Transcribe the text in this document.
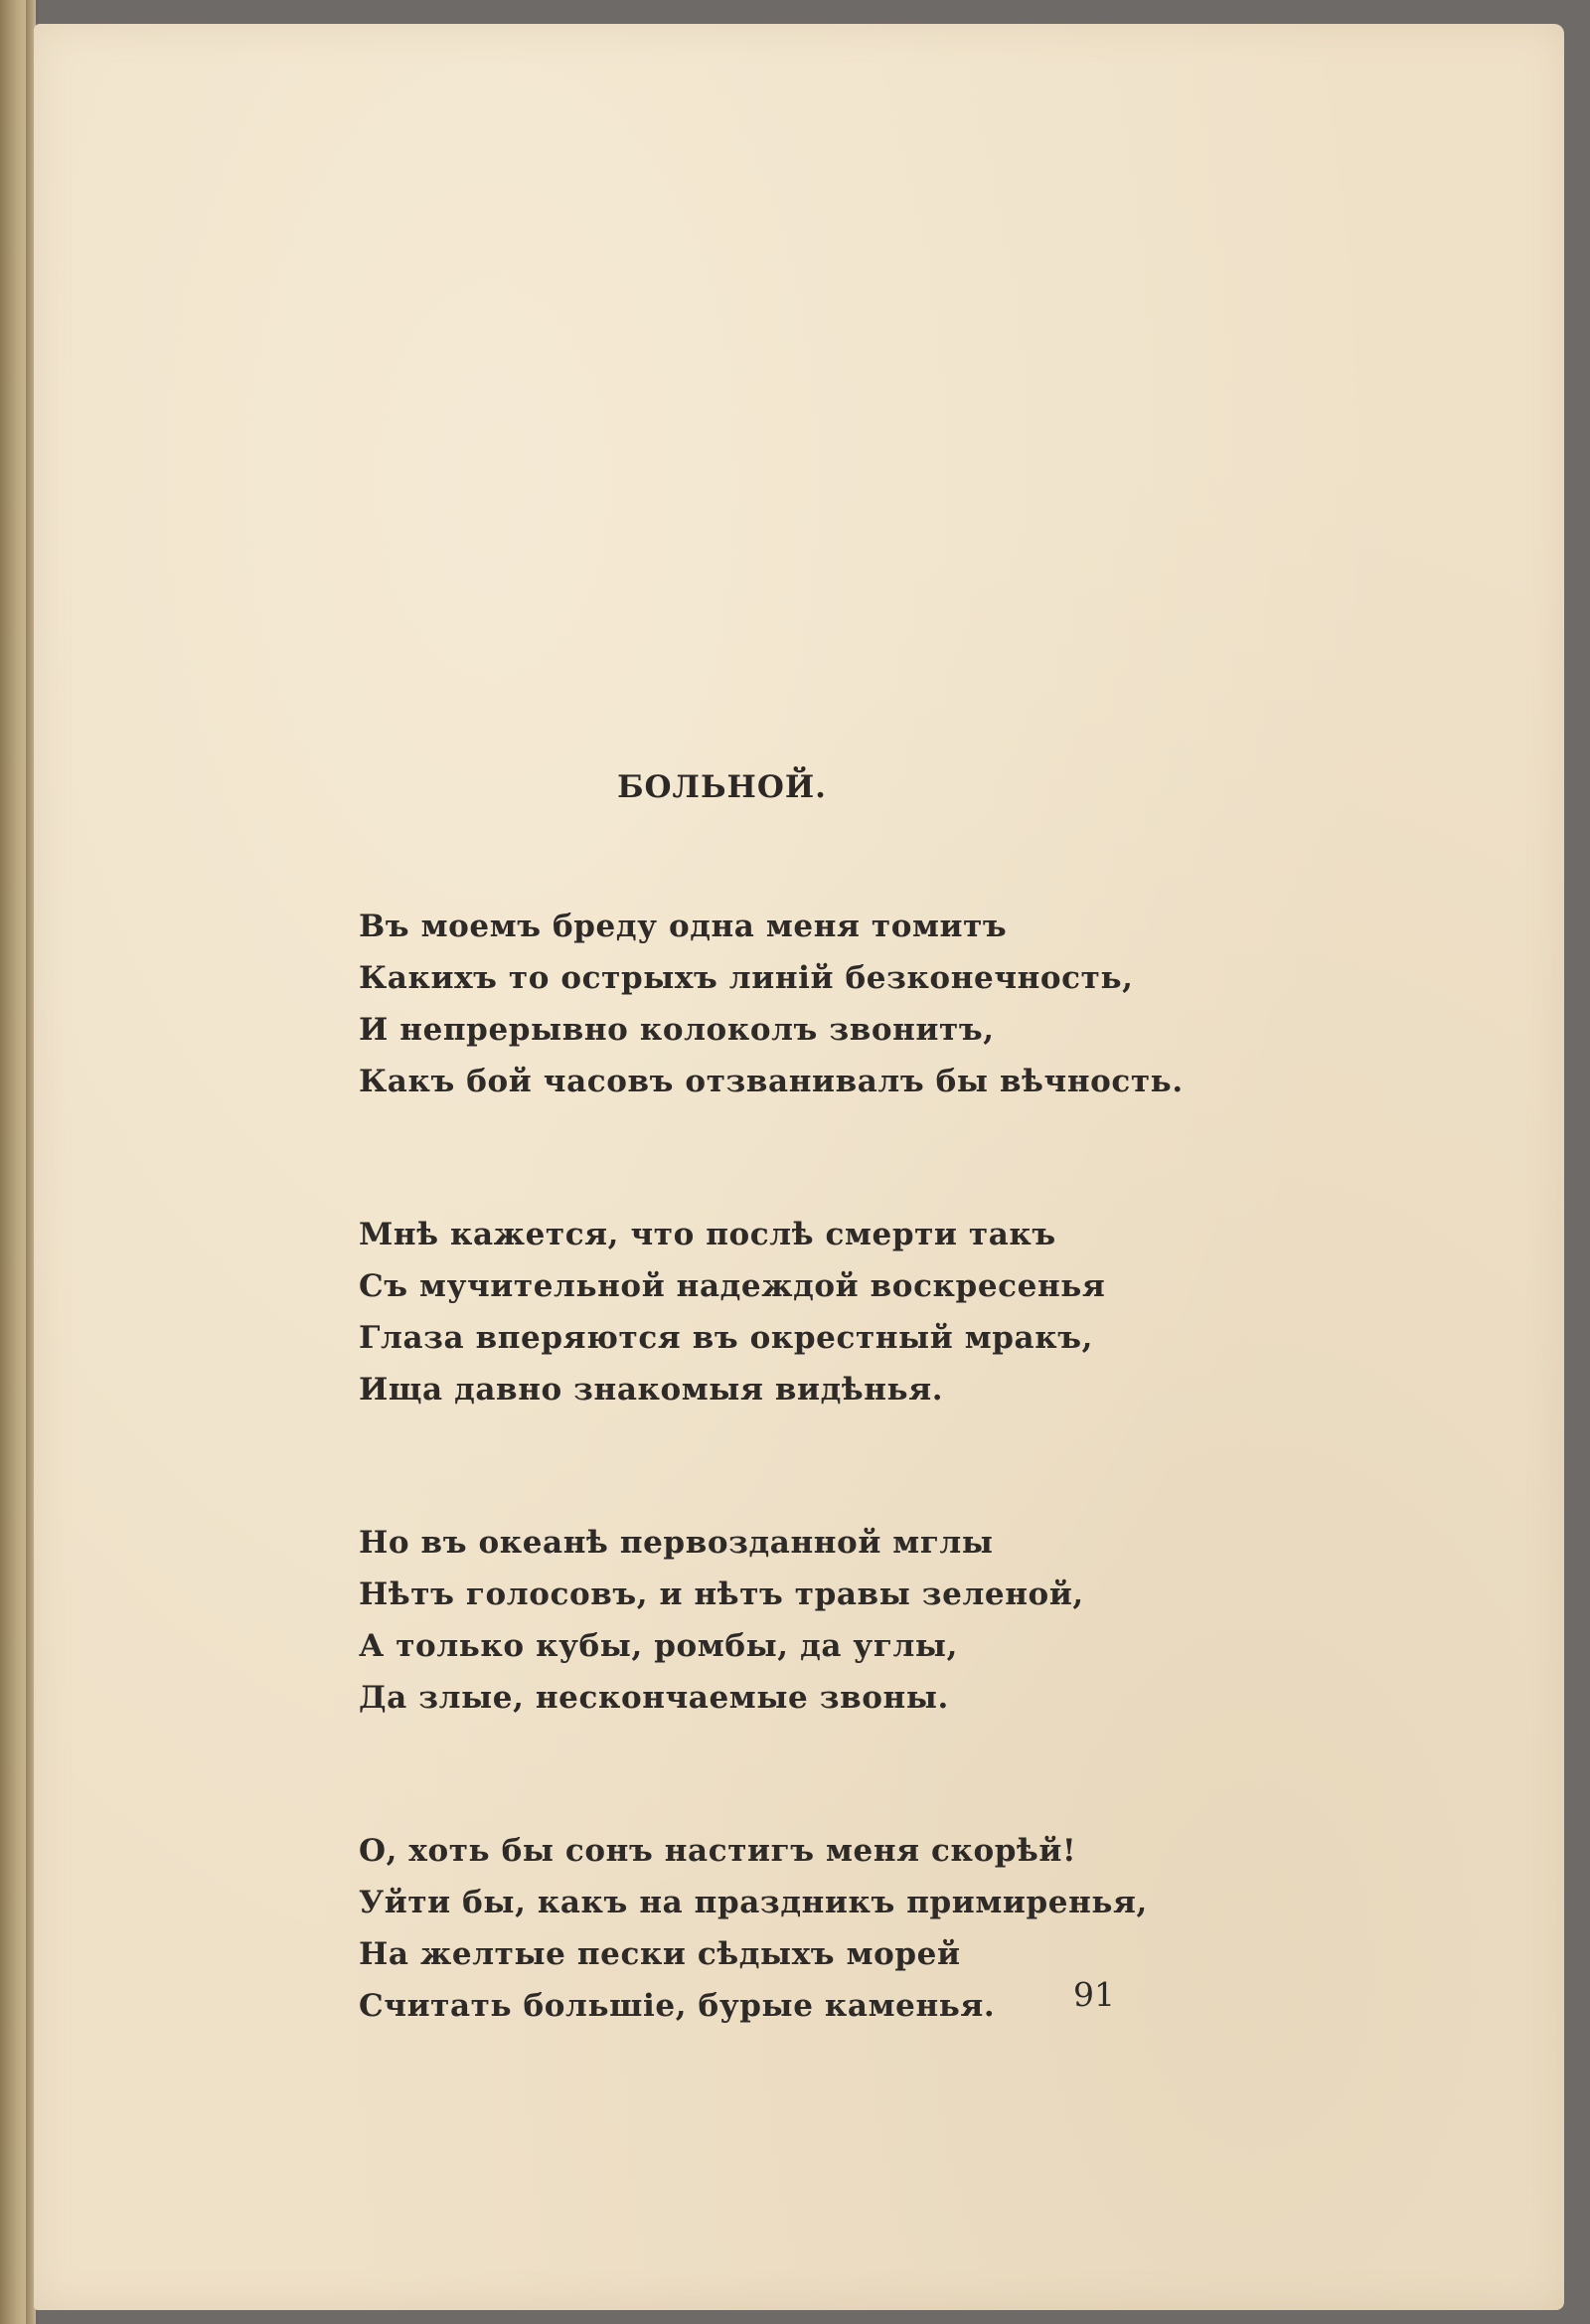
БОЛЬНОЙ.
Въ моемъ бреду одна меня томитъ
Какихъ то острыхъ линiй безконечность,
И непрерывно колоколъ звонитъ,
Какъ бой часовъ отзванивалъ бы вѣчность.
Мнѣ кажется, что послѣ смерти такъ
Съ мучительной надеждой воскресенья
Глаза вперяются въ окрестный мракъ,
Ища давно знакомыя видѣнья.
Но въ океанѣ первозданной мглы
Нѣтъ голосовъ, и нѣтъ травы зеленой,
А только кубы, ромбы, да углы,
Да злые, нескончаемые звоны.
О, хоть бы сонъ настигъ меня скорѣй!
Уйти бы, какъ на праздникъ примиренья,
На желтые пески сѣдыхъ морей
Считать большiе, бурые каменья.	91
